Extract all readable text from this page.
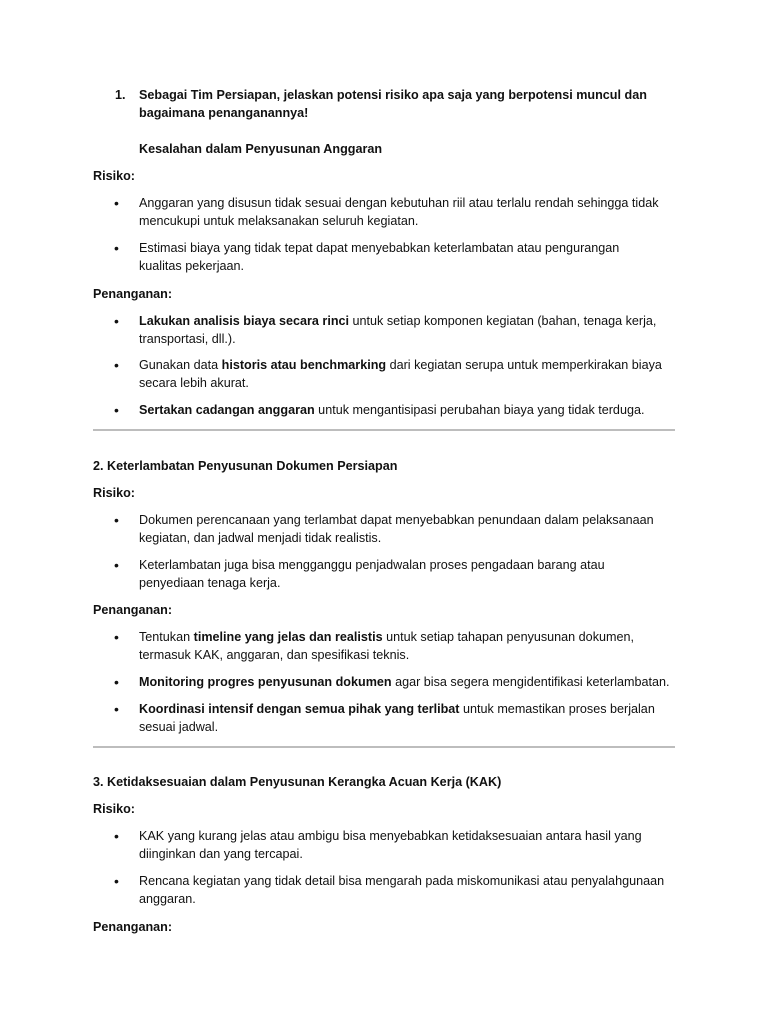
1. Sebagai Tim Persiapan, jelaskan potensi risiko apa saja yang berpotensi muncul dan
bagaimana penanganannya!
Kesalahan dalam Penyusunan Anggaran
Risiko:
• Anggaran yang disusun tidak sesuai dengan kebutuhan riil atau terlalu rendah sehingga tidak
mencukupi untuk melaksanakan seluruh kegiatan.
• Estimasi biaya yang tidak tepat dapat menyebabkan keterlambatan atau pengurangan
kualitas pekerjaan.
Penanganan:
• Lakukan analisis biaya secara rinci untuk setiap komponen kegiatan (bahan, tenaga kerja,
transportasi, dll.).
• Gunakan data historis atau benchmarking dari kegiatan serupa untuk memperkirakan biaya
secara lebih akurat.
• Sertakan cadangan anggaran untuk mengantisipasi perubahan biaya yang tidak terduga.
2. Keterlambatan Penyusunan Dokumen Persiapan
Risiko:
• Dokumen perencanaan yang terlambat dapat menyebabkan penundaan dalam pelaksanaan
kegiatan, dan jadwal menjadi tidak realistis.
• Keterlambatan juga bisa mengganggu penjadwalan proses pengadaan barang atau
penyediaan tenaga kerja.
Penanganan:
• Tentukan timeline yang jelas dan realistis untuk setiap tahapan penyusunan dokumen,
termasuk KAK, anggaran, dan spesifikasi teknis.
• Monitoring progres penyusunan dokumen agar bisa segera mengidentifikasi keterlambatan.
• Koordinasi intensif dengan semua pihak yang terlibat untuk memastikan proses berjalan
sesuai jadwal.
3. Ketidaksesuaian dalam Penyusunan Kerangka Acuan Kerja (KAK)
Risiko:
• KAK yang kurang jelas atau ambigu bisa menyebabkan ketidaksesuaian antara hasil yang
diinginkan dan yang tercapai.
• Rencana kegiatan yang tidak detail bisa mengarah pada miskomunikasi atau penyalahgunaan
anggaran.
Penanganan:
